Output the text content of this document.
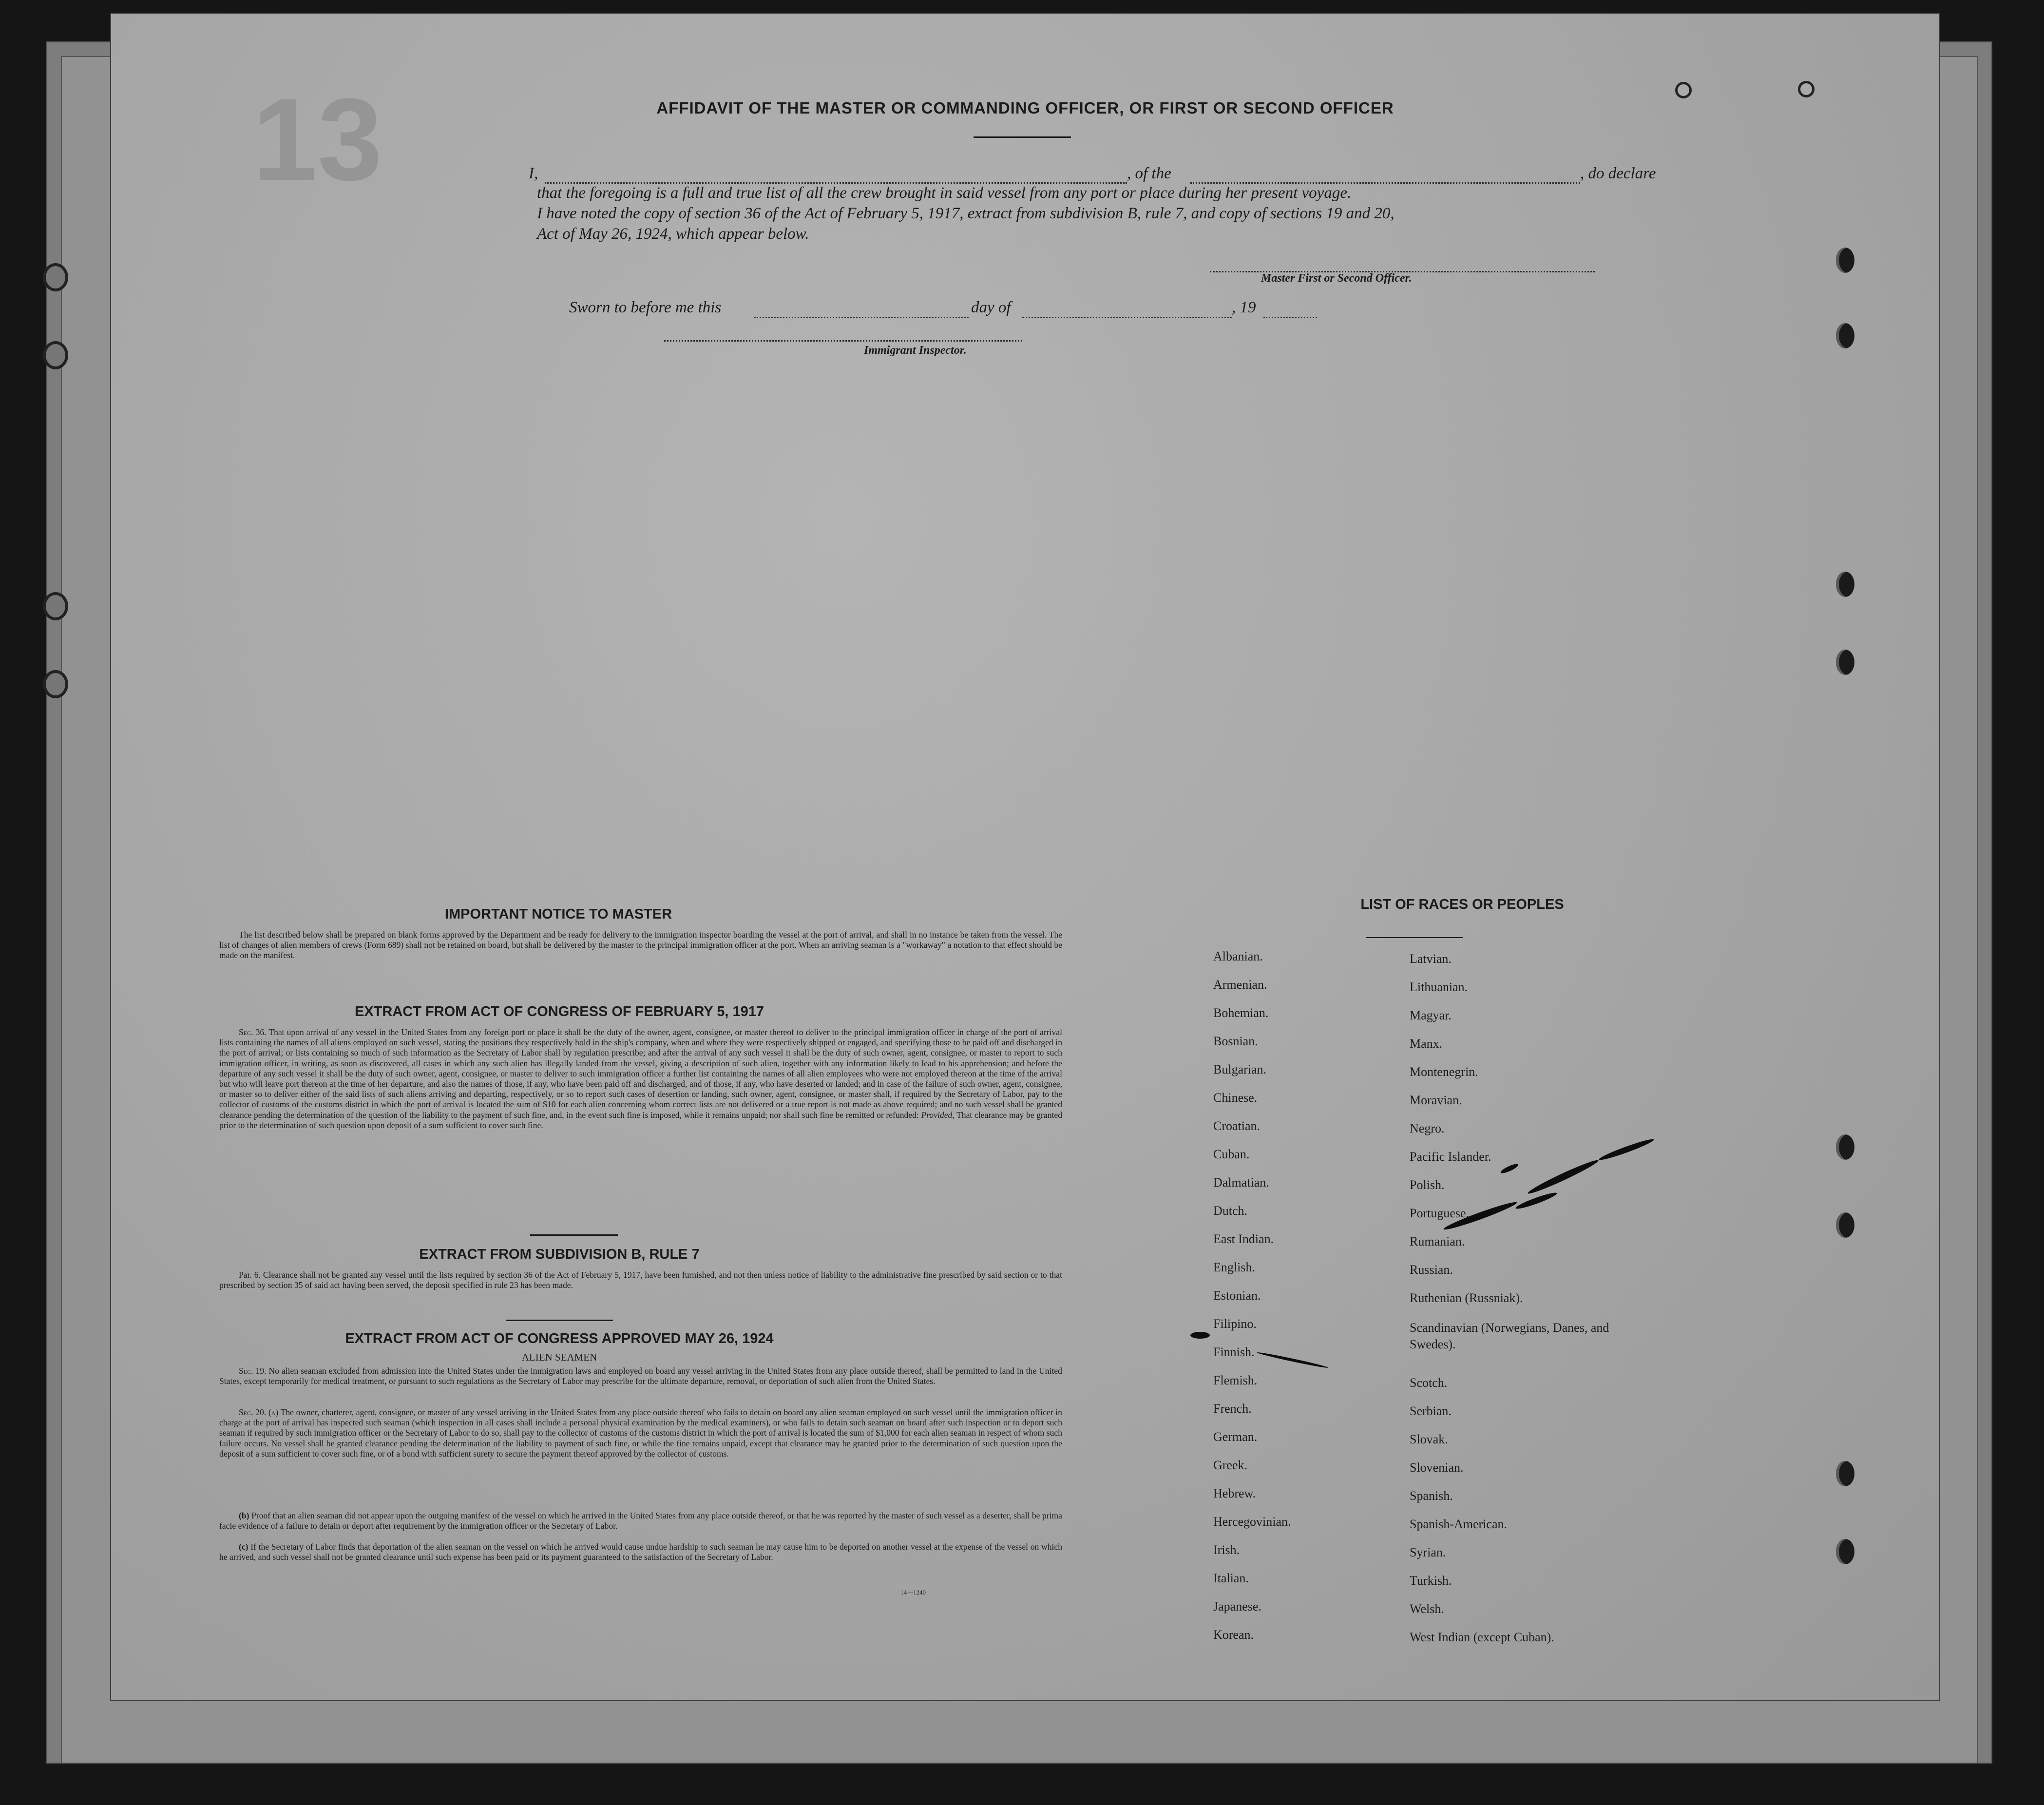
13	AFFIDAVIT OF THE MASTER OR COMMANDING OFFICER, OR FIRST OR SECOND OFFICER
I,	, of the	, do declare
that the foregoing is a full and true list of all the crew brought in said vessel from any port or place during her present voyage.
I have noted the copy of section 36 of the Act of February 5, 1917, extract from subdivision B, rule 7, and copy of sections 19 and 20,
Act of May 26, 1924, which appear below.
Master First or Second Officer.
Sworn to before me this	day of	, 19
Immigrant Inspector.
IMPORTANT NOTICE TO MASTER
The list described below shall be prepared on blank forms approved by the Department and be ready for delivery to the immigration inspector boarding the vessel at the port of arrival, and shall in no instance be taken from the vessel. The list of changes of alien members of crews (Form 689) shall not be retained on board, but shall be delivered by the master to the principal immigration officer at the port. When an arriving seaman is a "workaway" a notation to that effect should be made on the manifest.
EXTRACT FROM ACT OF CONGRESS OF FEBRUARY 5, 1917
Sec. 36. That upon arrival of any vessel in the United States from any foreign port or place it shall be the duty of the owner, agent, consignee, or master thereof to deliver to the principal immigration officer in charge of the port of arrival lists containing the names of all aliens employed on such vessel, stating the positions they respectively hold in the ship's company, when and where they were respectively shipped or engaged, and specifying those to be paid off and discharged in the port of arrival; or lists containing so much of such information as the Secretary of Labor shall by regulation prescribe; and after the arrival of any such vessel it shall be the duty of such owner, agent, consignee, or master to report to such immigration officer, in writing, as soon as discovered, all cases in which any such alien has illegally landed from the vessel, giving a description of such alien, together with any information likely to lead to his apprehension; and before the departure of any such vessel it shall be the duty of such owner, agent, consignee, or master to deliver to such immigration officer a further list containing the names of all alien employees who were not employed thereon at the time of the arrival but who will leave port thereon at the time of her departure, and also the names of those, if any, who have been paid off and discharged, and of those, if any, who have deserted or landed; and in case of the failure of such owner, agent, consignee, or master so to deliver either of the said lists of such aliens arriving and departing, respectively, or so to report such cases of desertion or landing, such owner, agent, consignee, or master shall, if required by the Secretary of Labor, pay to the collector of customs of the customs district in which the port of arrival is located the sum of $10 for each alien concerning whom correct lists are not delivered or a true report is not made as above required; and no such vessel shall be granted clearance pending the determination of the question of the liability to the payment of such fine, and, in the event such fine is imposed, while it remains unpaid; nor shall such fine be remitted or refunded: Provided, That clearance may be granted prior to the determination of such question upon deposit of a sum sufficient to cover such fine.
EXTRACT FROM SUBDIVISION B, RULE 7
Par. 6. Clearance shall not be granted any vessel until the lists required by section 36 of the Act of February 5, 1917, have been furnished, and not then unless notice of liability to the administrative fine prescribed by said section or to that prescribed by section 35 of said act having been served, the deposit specified in rule 23 has been made.
EXTRACT FROM ACT OF CONGRESS APPROVED MAY 26, 1924
ALIEN SEAMEN
Sec. 19. No alien seaman excluded from admission into the United States under the immigration laws and employed on board any vessel arriving in the United States from any place outside thereof, shall be permitted to land in the United States, except temporarily for medical treatment, or pursuant to such regulations as the Secretary of Labor may prescribe for the ultimate departure, removal, or deportation of such alien from the United States.
Sec. 20. (a) The owner, charterer, agent, consignee, or master of any vessel arriving in the United States from any place outside thereof who fails to detain on board any alien seaman employed on such vessel until the immigration officer in charge at the port of arrival has inspected such seaman (which inspection in all cases shall include a personal physical examination by the medical examiners), or who fails to detain such seaman on board after such inspection or to deport such seaman if required by such immigration officer or the Secretary of Labor to do so, shall pay to the collector of customs of the customs district in which the port of arrival is located the sum of $1,000 for each alien seaman in respect of whom such failure occurs. No vessel shall be granted clearance pending the determination of the liability to payment of such fine, or while the fine remains unpaid, except that clearance may be granted prior to the determination of such question upon the deposit of a sum sufficient to cover such fine, or of a bond with sufficient surety to secure the payment thereof approved by the collector of customs.
(b) Proof that an alien seaman did not appear upon the outgoing manifest of the vessel on which he arrived in the United States from any place outside thereof, or that he was reported by the master of such vessel as a deserter, shall be prima facie evidence of a failure to detain or deport after requirement by the immigration officer or the Secretary of Labor.
(c) If the Secretary of Labor finds that deportation of the alien seaman on the vessel on which he arrived would cause undue hardship to such seaman he may cause him to be deported on another vessel at the expense of the vessel on which he arrived, and such vessel shall not be granted clearance until such expense has been paid or its payment guaranteed to the satisfaction of the Secretary of Labor.
14—1240
LIST OF RACES OR PEOPLES
Albanian.
Armenian.
Bohemian.
Bosnian.
Bulgarian.
Chinese.
Croatian.
Cuban.
Dalmatian.
Dutch.
East Indian.
English.
Estonian.
Filipino.
Finnish.
Flemish.
French.
German.
Greek.
Hebrew.
Hercegovinian.
Irish.
Italian.
Japanese.
Korean.
Latvian.
Lithuanian.
Magyar.
Manx.
Montenegrin.
Moravian.
Negro.
Pacific Islander.
Polish.
Portuguese.
Rumanian.
Russian.
Ruthenian (Russniak).
Scandinavian (Norwegians, Danes, and Swedes).
Scotch.
Serbian.
Slovak.
Slovenian.
Spanish.
Spanish-American.
Syrian.
Turkish.
Welsh.
West Indian (except Cuban).
